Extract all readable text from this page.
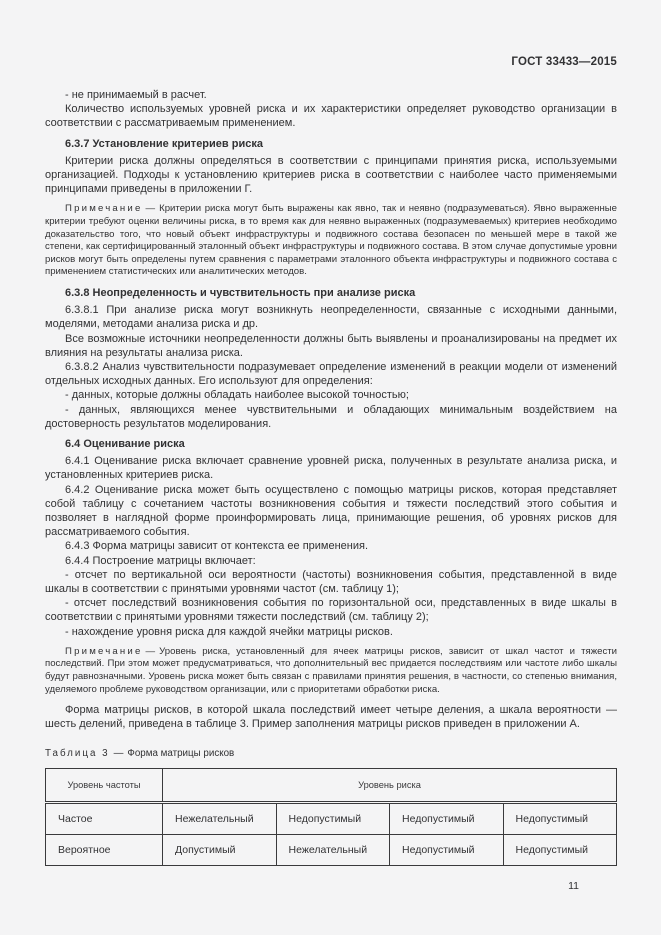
ГОСТ 33433—2015

- не принимаемый в расчет.

Количество используемых уровней риска и их характеристики определяет руководство организации в соответствии с рассматриваемым применением.

6.3.7 Установление критериев риска

Критерии риска должны определяться в соответствии с принципами принятия риска, используемыми организацией. Подходы к установлению критериев риска в соответствии с наиболее часто применяемыми принципами приведены в приложении Г.

Примечание — Критерии риска могут быть выражены как явно, так и неявно (подразумеваться). Явно выраженные критерии требуют оценки величины риска, в то время как для неявно выраженных (подразумеваемых) критериев необходимо доказательство того, что новый объект инфраструктуры и подвижного состава безопасен по меньшей мере в такой же степени, как сертифицированный эталонный объект инфраструктуры и подвижного состава. В этом случае допустимые уровни рисков могут быть определены путем сравнения с параметрами эталонного объекта инфраструктуры и подвижного состава с применением статистических или аналитических методов.

6.3.8 Неопределенность и чувствительность при анализе риска

6.3.8.1 При анализе риска могут возникнуть неопределенности, связанные с исходными данными, моделями, методами анализа риска и др.

Все возможные источники неопределенности должны быть выявлены и проанализированы на предмет их влияния на результаты анализа риска.

6.3.8.2 Анализ чувствительности подразумевает определение изменений в реакции модели от изменений отдельных исходных данных. Его используют для определения:

- данных, которые должны обладать наиболее высокой точностью;

- данных, являющихся менее чувствительными и обладающих минимальным воздействием на достоверность результатов моделирования.

6.4 Оценивание риска

6.4.1 Оценивание риска включает сравнение уровней риска, полученных в результате анализа риска, и установленных критериев риска.

6.4.2 Оценивание риска может быть осуществлено с помощью матрицы рисков, которая представляет собой таблицу с сочетанием частоты возникновения события и тяжести последствий этого события и позволяет в наглядной форме проинформировать лица, принимающие решения, об уровнях рисков для рассматриваемого события.

6.4.3 Форма матрицы зависит от контекста ее применения.

6.4.4 Построение матрицы включает:

- отсчет по вертикальной оси вероятности (частоты) возникновения события, представленной в виде шкалы в соответствии с принятыми уровнями частот (см. таблицу 1);

- отсчет последствий возникновения события по горизонтальной оси, представленных в виде шкалы в соответствии с принятыми уровнями тяжести последствий (см. таблицу 2);

- нахождение уровня риска для каждой ячейки матрицы рисков.

Примечание — Уровень риска, установленный для ячеек матрицы рисков, зависит от шкал частот и тяжести последствий. При этом может предусматриваться, что дополнительный вес придается последствиям или частоте либо шкалы будут равнозначными. Уровень риска может быть связан с правилами принятия решения, в частности, со степенью внимания, уделяемого проблеме руководством организации, или с приоритетами обработки риска.

Форма матрицы рисков, в которой шкала последствий имеет четыре деления, а шкала вероятности — шесть делений, приведена в таблице 3. Пример заполнения матрицы рисков приведен в приложении А.

Таблица 3 — Форма матрицы рисков

Уровень частоты	Уровень риска			
Частое	Нежелательный	Недопустимый	Недопустимый	Недопустимый
Вероятное	Допустимый	Нежелательный	Недопустимый	Недопустимый
11
